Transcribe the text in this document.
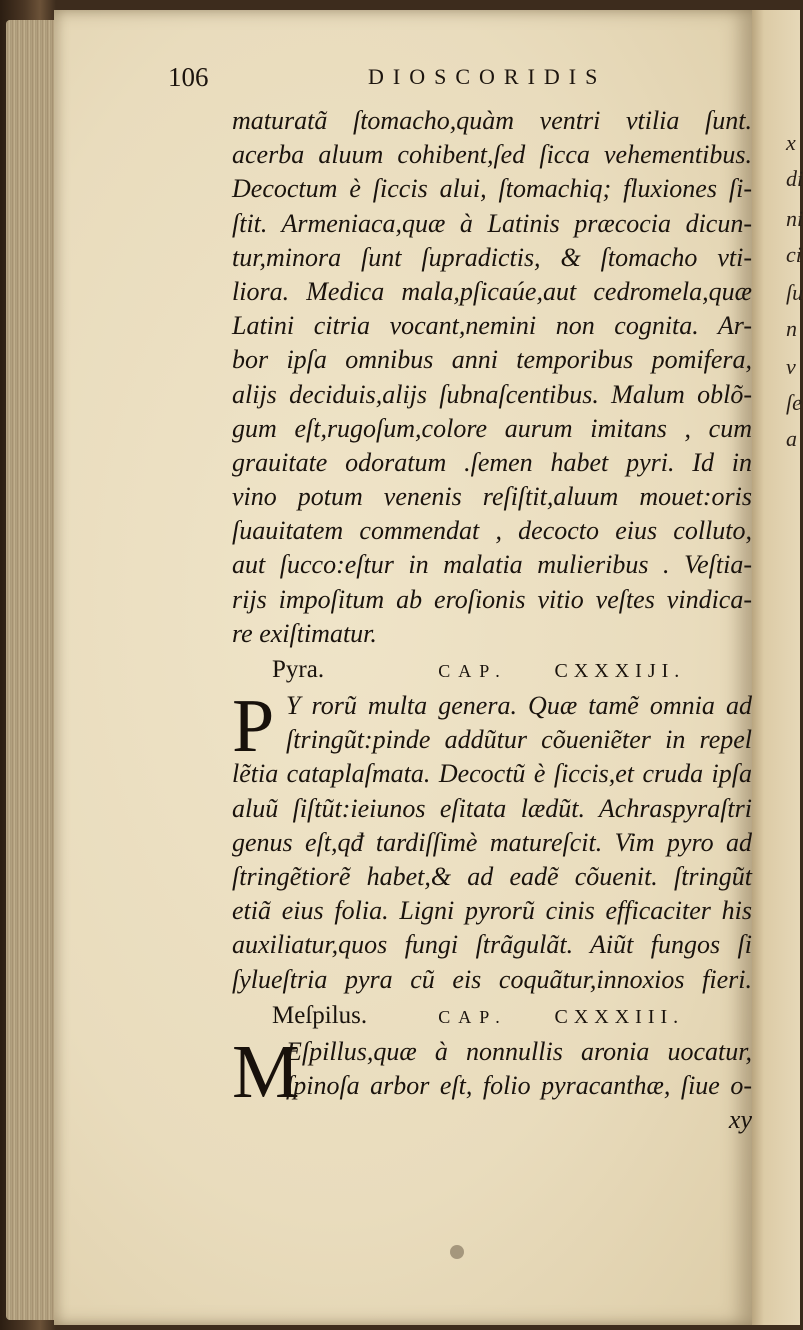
x
di
ni
ci
ſu
n
v
ſe
a
106	DIOSCORIDIS
maturatã ſtomacho,quàm ventri vtilia ſunt.
acerba aluum cohibent,ſed ſicca vehementibus.
Decoctum è ſiccis alui, ſtomachiq; fluxiones ſi-
ſtit. Armeniaca,quæ à Latinis præcocia dicun-
tur,minora ſunt ſupradictis, & ſtomacho vti-
liora. Medica mala,pſicaúe,aut cedromela,quæ
Latini citria vocant,nemini non cognita. Ar-
bor ipſa omnibus anni temporibus pomifera,
alijs deciduis,alijs ſubnaſcentibus. Malum oblõ-
gum eſt,rugoſum,colore aurum imitans , cum
grauitate odoratum .ſemen habet pyri. Id in
vino potum venenis reſiſtit,aluum mouet:oris
ſuauitatem commendat , decocto eius colluto,
aut ſucco:eſtur in malatia mulieribus . Veſtia-
rijs impoſitum ab eroſionis vitio veſtes vindica-
re exiſtimatur.
Pyra.	CAP. CXXXIJI.
P Y rorũ multa genera. Quæ tamẽ omnia ad
ſtringũt:pinde addũtur cõueniẽter in repel
lẽtia cataplaſmata. Decoctũ è ſiccis,et cruda ipſa
aluũ ſiſtũt:ieiunos eſitata lædũt. Achraspyraſtri
genus eſt,qđ tardiſſimè matureſcit. Vim pyro ad
ſtringẽtiorẽ habet,& ad eadẽ cõuenit. ſtringũt
etiã eius folia. Ligni pyrorũ cinis efficaciter his
auxiliatur,quos fungi ſtrãgulãt. Aiũt fungos ſi
ſylueſtria pyra cũ eis coquãtur,innoxios fieri.
Meſpilus.	CAP. CXXXIII.
M
Eſpillus,quæ à nonnullis aronia uocatur,
ſpinoſa arbor eſt, folio pyracanthæ, ſiue o-
xy
